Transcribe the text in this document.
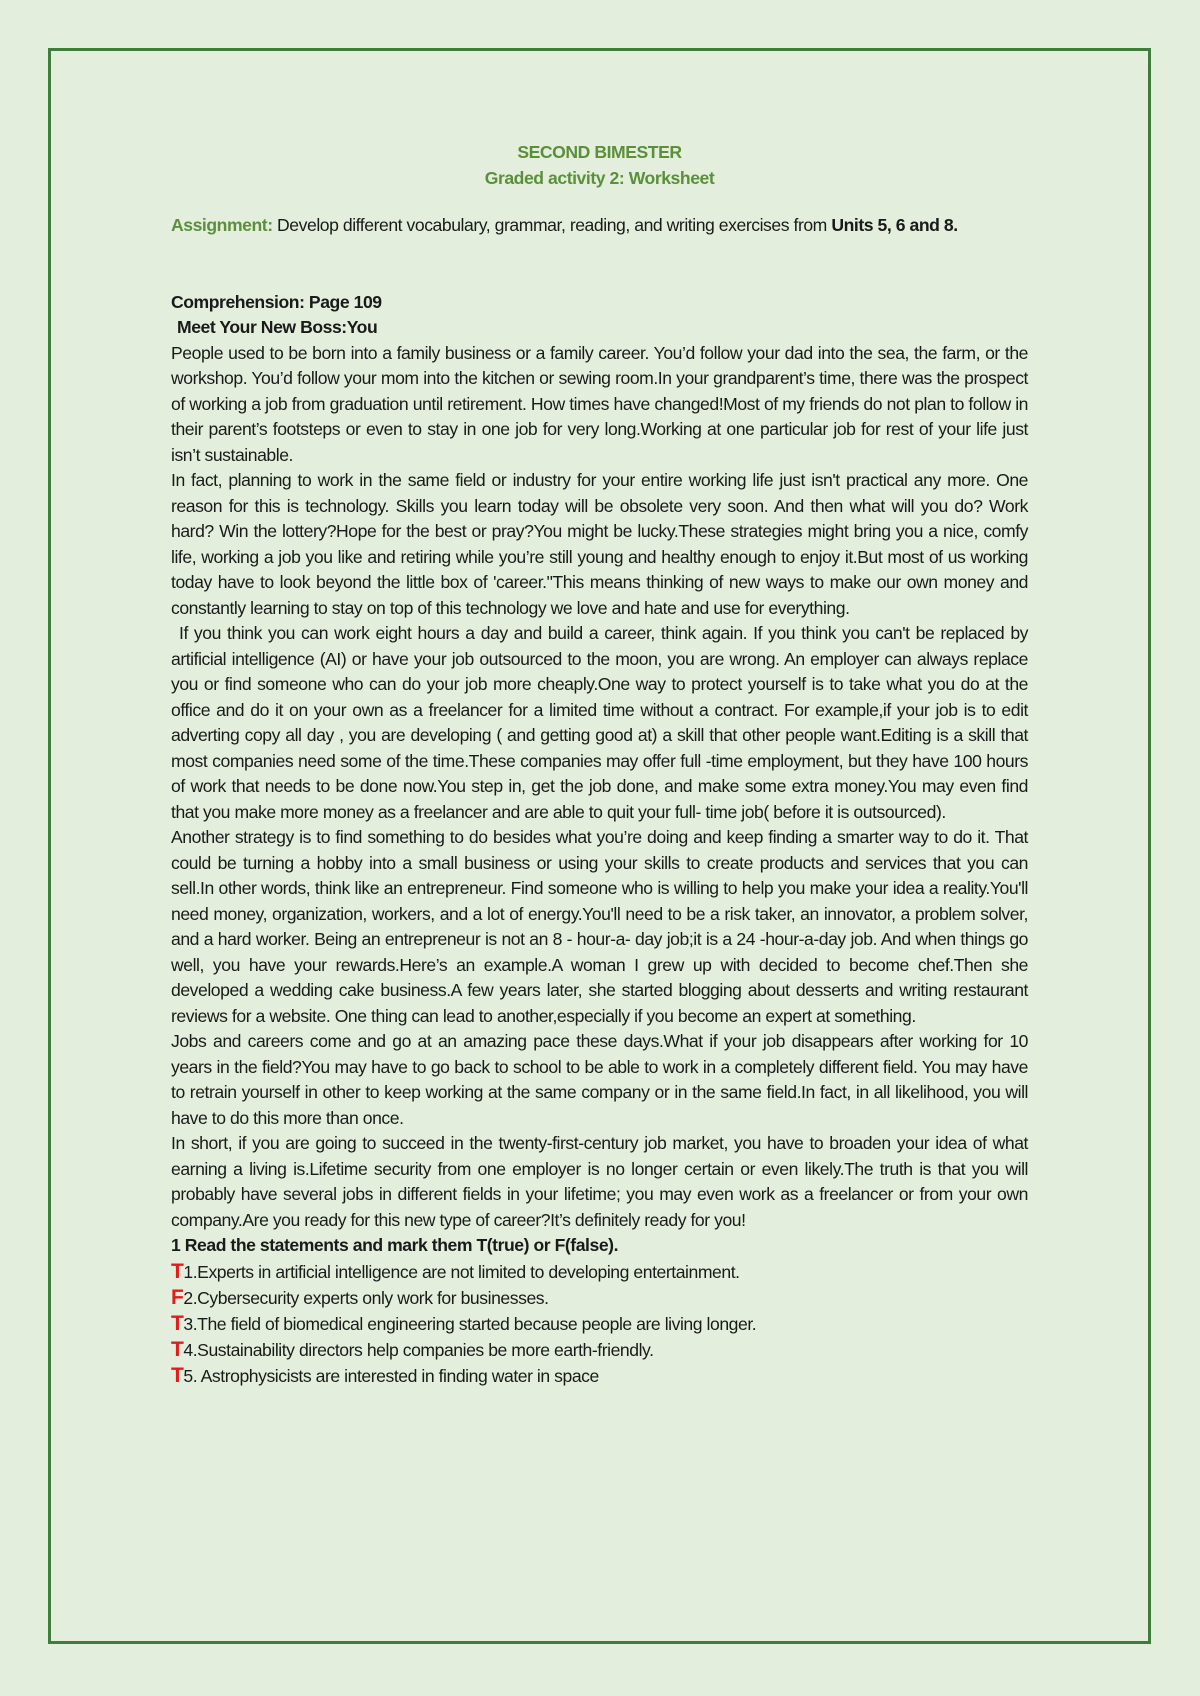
SECOND BIMESTER

Graded activity 2: Worksheet

Assignment: Develop different vocabulary, grammar, reading, and writing exercises from Units 5, 6 and 8.

Comprehension: Page 109

Meet Your New Boss:You

People used to be born into a family business or a family career. You’d follow your dad into the sea, the farm, or the workshop. You’d follow your mom into the kitchen or sewing room.In your grandparent’s time, there was the prospect of working a job from graduation until retirement. How times have changed!Most of my friends do not plan to follow in their parent’s footsteps or even to stay in one job for very long.Working at one particular job for rest of your life just isn’t sustainable.

In fact, planning to work in the same field or industry for your entire working life just isn't practical any more. One reason for this is technology. Skills you learn today will be obsolete very soon. And then what will you do? Work hard? Win the lottery?Hope for the best or pray?You might be lucky.These strategies might bring you a nice, comfy life, working a job you like and retiring while you’re still young and healthy enough to enjoy it.But most of us working today have to look beyond the little box of 'career."This means thinking of new ways to make our own money and constantly learning to stay on top of this technology we love and hate and use for everything.

If you think you can work eight hours a day and build a career, think again. If you think you can't be replaced by artificial intelligence (AI) or have your job outsourced to the moon, you are wrong. An employer can always replace you or find someone who can do your job more cheaply.One way to protect yourself is to take what you do at the office and do it on your own as a freelancer for a limited time without a contract. For example,if your job is to edit adverting copy all day , you are developing ( and getting good at) a skill that other people want.Editing is a skill that most companies need some of the time.These companies may offer full -time employment, but they have 100 hours of work that needs to be done now.You step in, get the job done, and make some extra money.You may even find that you make more money as a freelancer and are able to quit your full- time job( before it is outsourced).

Another strategy is to find something to do besides what you’re doing and keep finding a smarter way to do it. That could be turning a hobby into a small business or using your skills to create products and services that you can sell.In other words, think like an entrepreneur. Find someone who is willing to help you make your idea a reality.You'll need money, organization, workers, and a lot of energy.You'll need to be a risk taker, an innovator, a problem solver, and a hard worker. Being an entrepreneur is not an 8 - hour-a- day job;it is a 24 -hour-a-day job. And when things go well, you have your rewards.Here’s an example.A woman I grew up with decided to become chef.Then she developed a wedding cake business.A few years later, she started blogging about desserts and writing restaurant reviews for a website. One thing can lead to another,especially if you become an expert at something.

Jobs and careers come and go at an amazing pace these days.What if your job disappears after working for 10 years in the field?You may have to go back to school to be able to work in a completely different field. You may have to retrain yourself in other to keep working at the same company or in the same field.In fact, in all likelihood, you will have to do this more than once.

In short, if you are going to succeed in the twenty-first-century job market, you have to broaden your idea of what earning a living is.Lifetime security from one employer is no longer certain or even likely.The truth is that you will probably have several jobs in different fields in your lifetime; you may even work as a freelancer or from your own company.Are you ready for this new type of career?It’s definitely ready for you!

1 Read the statements and mark them T(true) or F(false).

T1.Experts in artificial intelligence are not limited to developing entertainment.

F2.Cybersecurity experts only work for businesses.

T3.The field of biomedical engineering started because people are living longer.

T4.Sustainability directors help companies be more earth-friendly.

T5. Astrophysicists are interested in finding water in space
